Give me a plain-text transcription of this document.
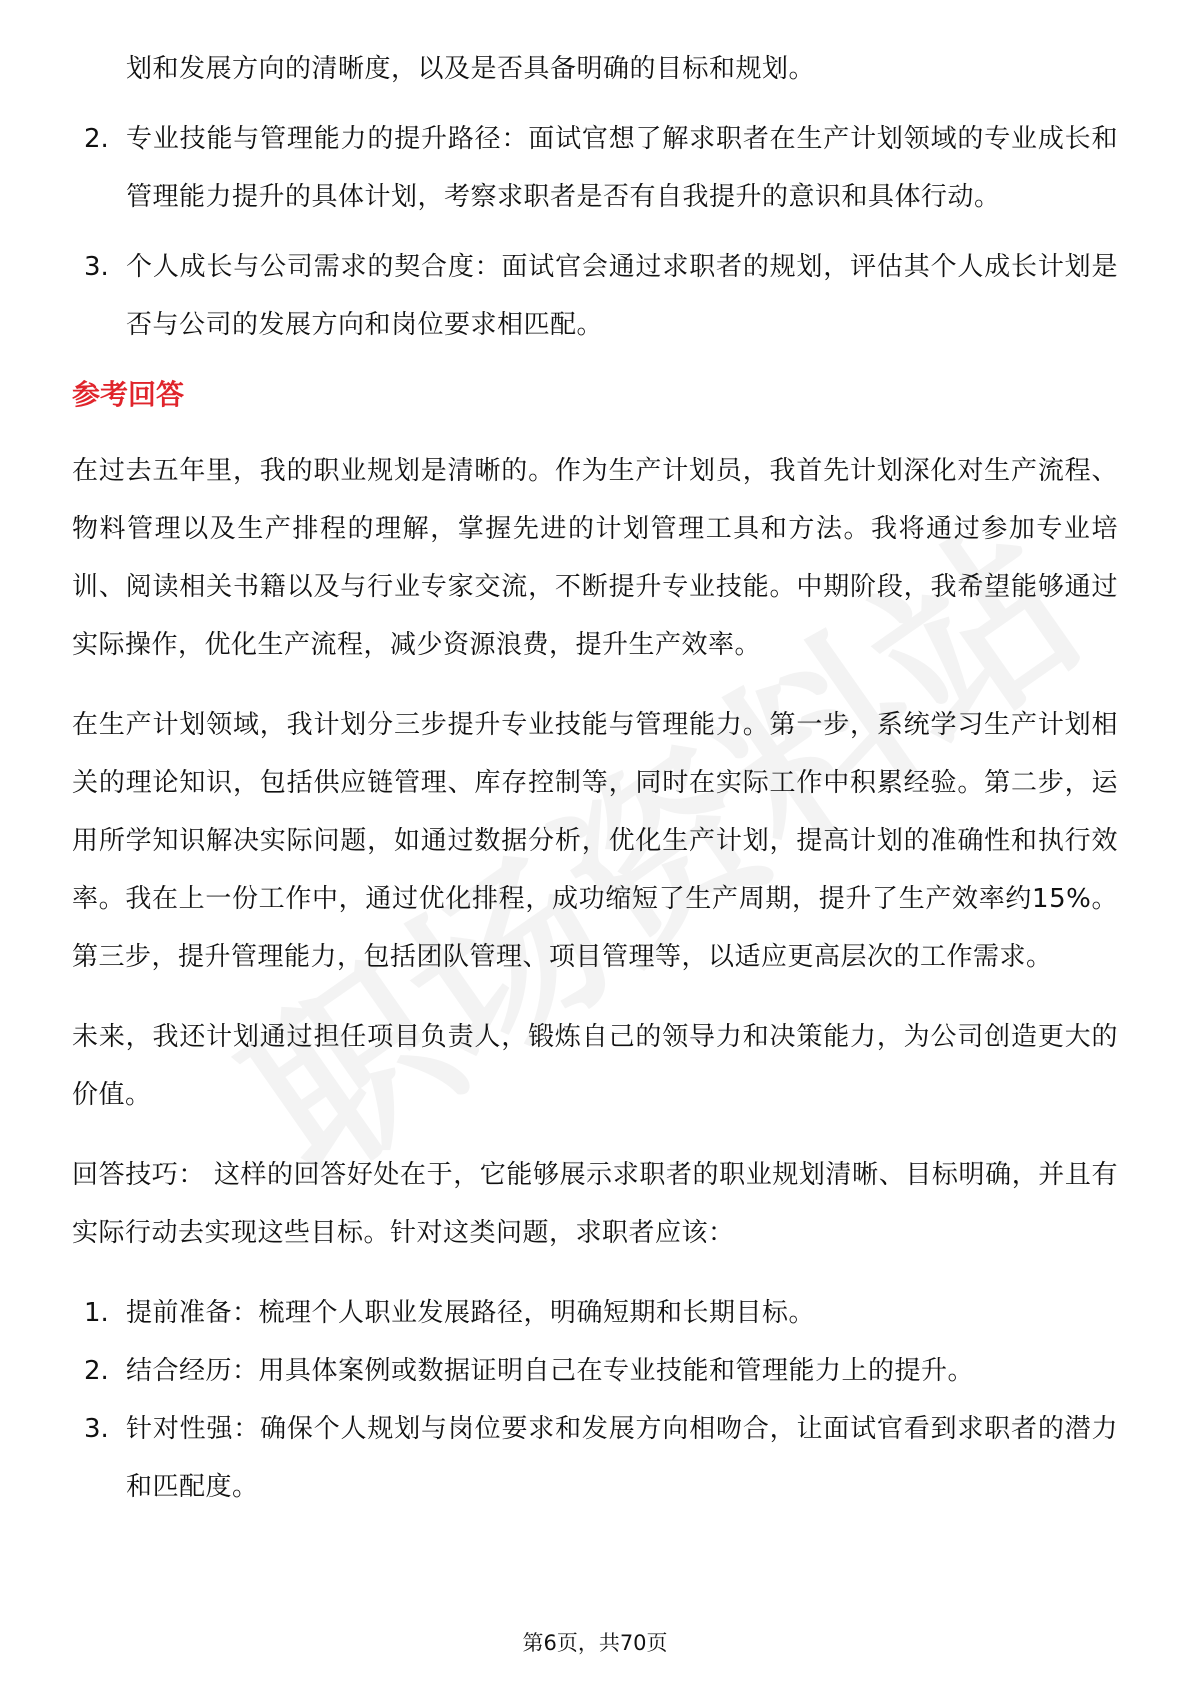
划和发展方向的清晰度，以及是否具备明确的目标和规划。

2. 专业技能与管理能力的提升路径：面试官想了解求职者在生产计划领域的专业成长和管理能力提升的具体计划，考察求职者是否有自我提升的意识和具体行动。

3. 个人成长与公司需求的契合度：面试官会通过求职者的规划，评估其个人成长计划是否与公司的发展方向和岗位要求相匹配。

参考回答

在过去五年里，我的职业规划是清晰的。作为生产计划员，我首先计划深化对生产流程、物料管理以及生产排程的理解，掌握先进的计划管理工具和方法。我将通过参加专业培训、阅读相关书籍以及与行业专家交流，不断提升专业技能。中期阶段，我希望能够通过实际操作，优化生产流程，减少资源浪费，提升生产效率。

在生产计划领域，我计划分三步提升专业技能与管理能力。第一步，系统学习生产计划相关的理论知识，包括供应链管理、库存控制等，同时在实际工作中积累经验。第二步，运用所学知识解决实际问题，如通过数据分析，优化生产计划，提高计划的准确性和执行效率。我在上一份工作中，通过优化排程，成功缩短了生产周期，提升了生产效率约15%。第三步，提升管理能力，包括团队管理、项目管理等，以适应更高层次的工作需求。

未来，我还计划通过担任项目负责人，锻炼自己的领导力和决策能力，为公司创造更大的价值。

回答技巧： 这样的回答好处在于，它能够展示求职者的职业规划清晰、目标明确，并且有实际行动去实现这些目标。针对这类问题，求职者应该：

1. 提前准备：梳理个人职业发展路径，明确短期和长期目标。

2. 结合经历：用具体案例或数据证明自己在专业技能和管理能力上的提升。

3. 针对性强：确保个人规划与岗位要求和发展方向相吻合，让面试官看到求职者的潜力和匹配度。

第6页，共70页
